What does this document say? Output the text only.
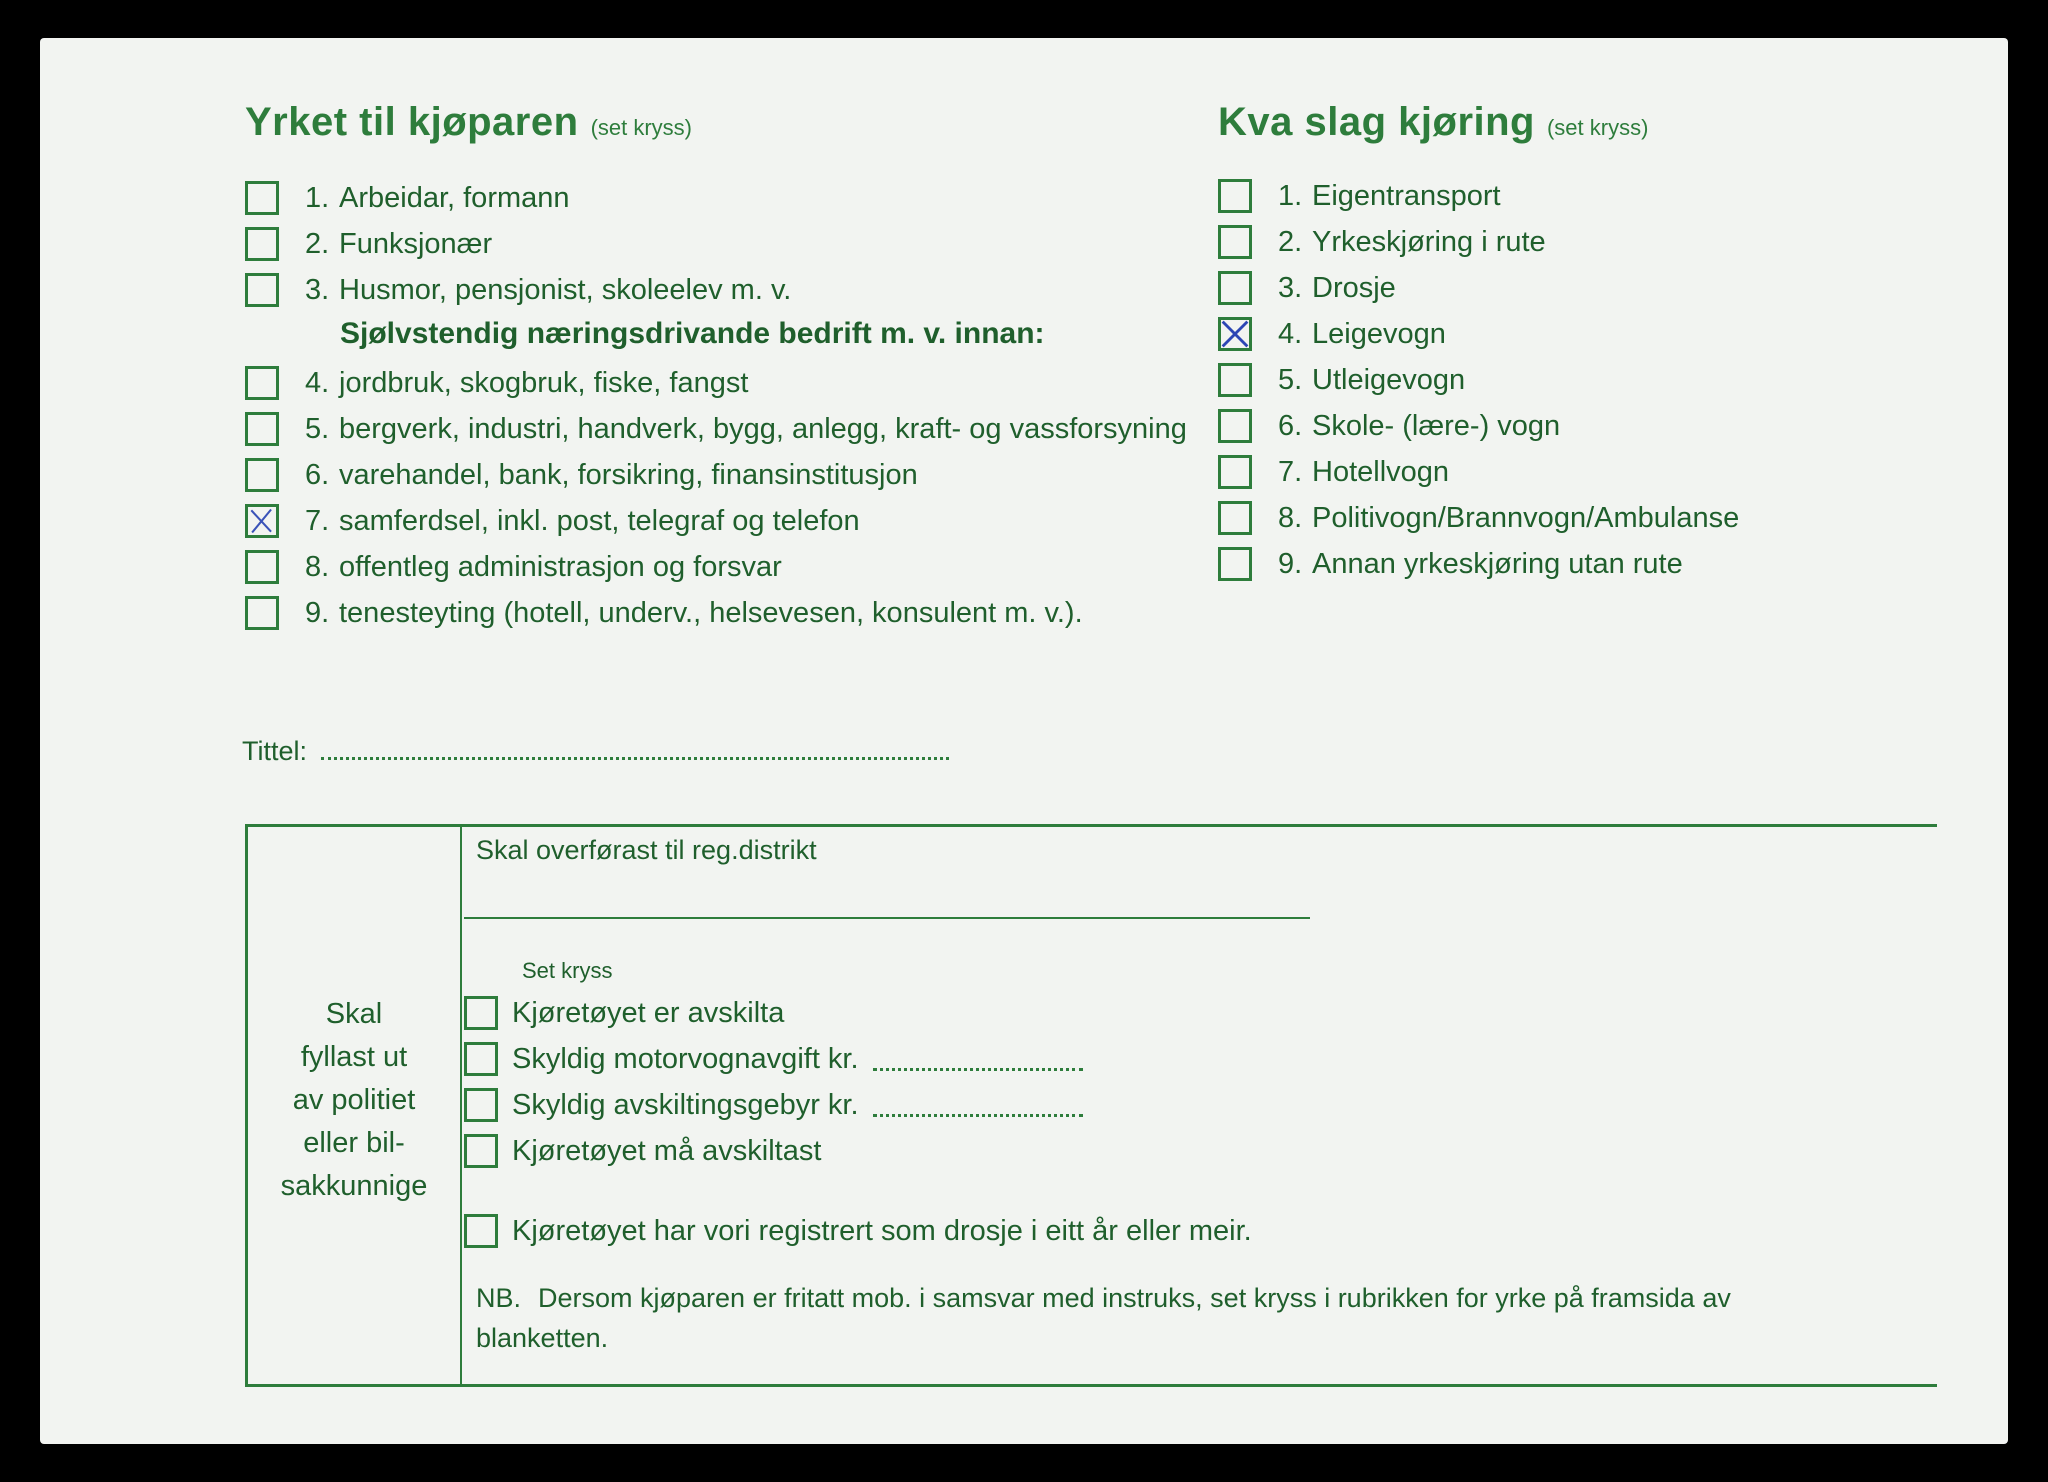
Yrket til kjøparen (set kryss)	Kva slag kjøring (set kryss)
1. Arbeidar, formann
2. Funksjonær
3. Husmor, pensjonist, skoleelev m. v.
Sjølvstendig næringsdrivande bedrift m. v. innan:
4. jordbruk, skogbruk, fiske, fangst
5. bergverk, industri, handverk, bygg, anlegg, kraft- og vassforsyning
6. varehandel, bank, forsikring, finansinstitusjon
7. samferdsel, inkl. post, telegraf og telefon
8. offentleg administrasjon og forsvar
9. tenesteyting (hotell, underv., helsevesen, konsulent m. v.).
1. Eigentransport
2. Yrkeskjøring i rute
3. Drosje
4. Leigevogn
5. Utleigevogn
6. Skole- (lære-) vogn
7. Hotellvogn
8. Politivogn/Brannvogn/Ambulanse
9. Annan yrkeskjøring utan rute
Tittel:
Skal
fyllast ut
av politiet
eller bil-
sakkunnige
Skal overførast til reg.distrikt
Set kryss
Kjøretøyet er avskilta
Skyldig motorvognavgift kr.
Skyldig avskiltingsgebyr kr.
Kjøretøyet må avskiltast
Kjøretøyet har vori registrert som drosje i eitt år eller meir.
NB. Dersom kjøparen er fritatt mob. i samsvar med instruks, set kryss i rubrikken for yrke på framsida av blanketten.
